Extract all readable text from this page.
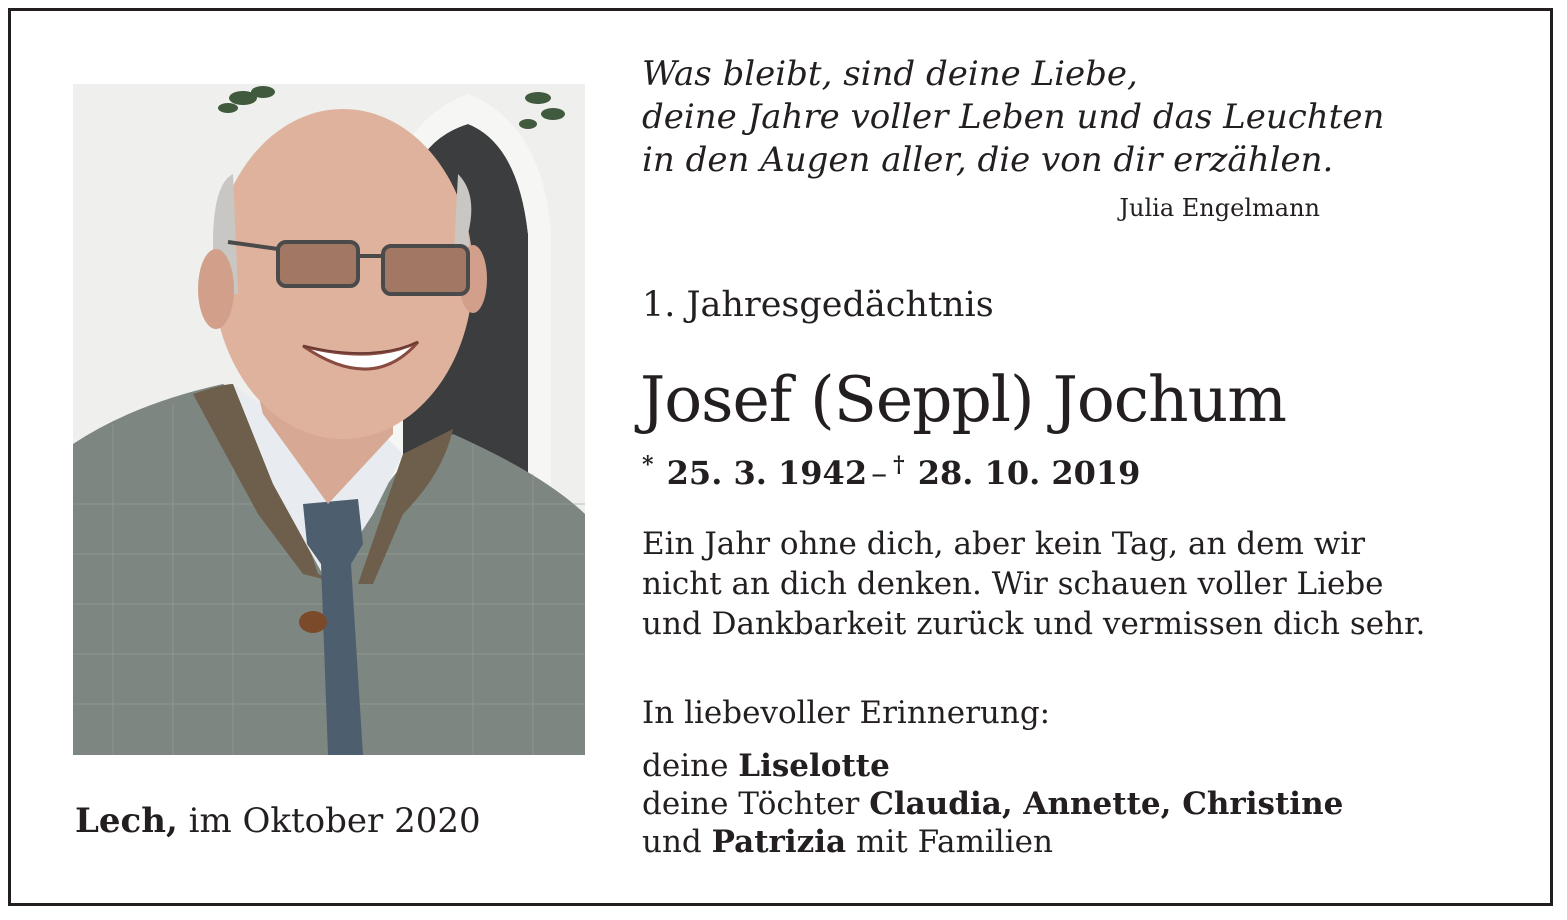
Lech, im Oktober 2020
Was bleibt, sind deine Liebe,
deine Jahre voller Leben und das Leuchten
in den Augen aller, die von dir erzählen.
Julia Engelmann
1. Jahresgedächtnis
Josef (Seppl) Jochum
* 25. 3. 1942 – † 28. 10. 2019
Ein Jahr ohne dich, aber kein Tag, an dem wir
nicht an dich denken. Wir schauen voller Liebe
und Dankbarkeit zurück und vermissen dich sehr.
In liebevoller Erinnerung:
deine Liselotte
deine Töchter Claudia, Annette, Christine
und Patrizia mit Familien
